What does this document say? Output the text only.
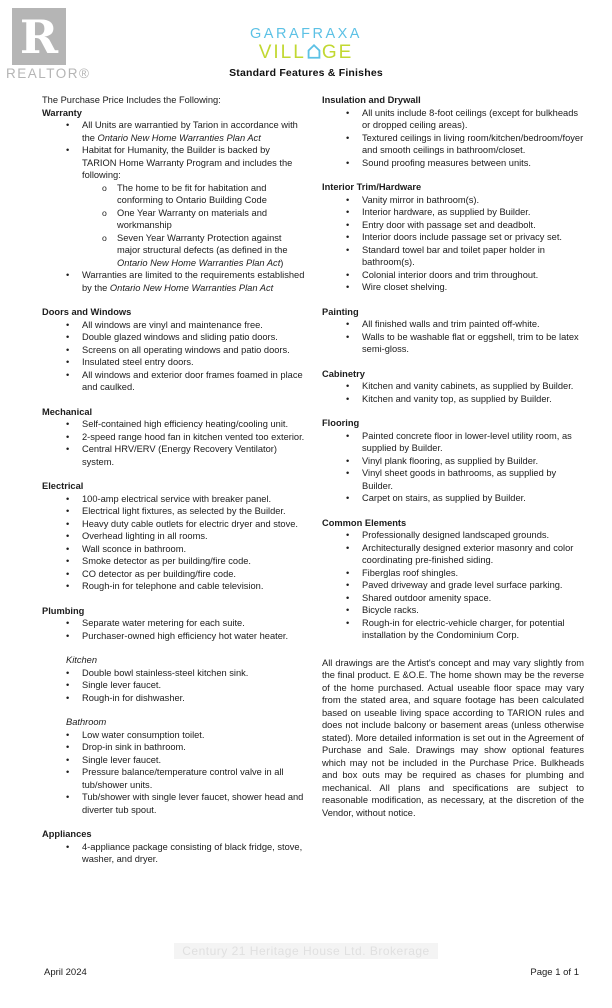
R
REALTOR®
GARAFRAXA
VILL GE
Standard Features & Finishes
The Purchase Price Includes the Following:
Warranty
•	All Units are warrantied by Tarion in accordance with the Ontario New Home Warranties Plan Act
•	Habitat for Humanity, the Builder is backed by TARION Home Warranty Program and includes the following:
o	The home to be fit for habitation and conforming to Ontario Building Code
o	One Year Warranty on materials and workmanship
o	Seven Year Warranty Protection against major structural defects (as defined in the Ontario New Home Warranties Plan Act)
•	Warranties are limited to the requirements established by the Ontario New Home Warranties Plan Act
Doors and Windows
•	All windows are vinyl and maintenance free.
•	Double glazed windows and sliding patio doors.
•	Screens on all operating windows and patio doors.
•	Insulated steel entry doors.
•	All windows and exterior door frames foamed in place and caulked.
Mechanical
•	Self-contained high efficiency heating/cooling unit.
•	2-speed range hood fan in kitchen vented too exterior.
•	Central HRV/ERV (Energy Recovery Ventilator) system.
Electrical
•	100-amp electrical service with breaker panel.
•	Electrical light fixtures, as selected by the Builder.
•	Heavy duty cable outlets for electric dryer and stove.
•	Overhead lighting in all rooms.
•	Wall sconce in bathroom.
•	Smoke detector as per building/fire code.
•	CO detector as per building/fire code.
•	Rough-in for telephone and cable television.
Plumbing
•	Separate water metering for each suite.
•	Purchaser-owned high efficiency hot water heater.
Kitchen
•	Double bowl stainless-steel kitchen sink.
•	Single lever faucet.
•	Rough-in for dishwasher.
Bathroom
•	Low water consumption toilet.
•	Drop-in sink in bathroom.
•	Single lever faucet.
•	Pressure balance/temperature control valve in all tub/shower units.
•	Tub/shower with single lever faucet, shower head and diverter tub spout.
Appliances
•	4-appliance package consisting of black fridge, stove, washer, and dryer.
Insulation and Drywall
•	All units include 8-foot ceilings (except for bulkheads or dropped ceiling areas).
•	Textured ceilings in living room/kitchen/bedroom/foyer and smooth ceilings in bathroom/closet.
•	Sound proofing measures between units.
Interior Trim/Hardware
•	Vanity mirror in bathroom(s).
•	Interior hardware, as supplied by Builder.
•	Entry door with passage set and deadbolt.
•	Interior doors include passage set or privacy set.
•	Standard towel bar and toilet paper holder in bathroom(s).
•	Colonial interior doors and trim throughout.
•	Wire closet shelving.
Painting
•	All finished walls and trim painted off-white.
•	Walls to be washable flat or eggshell, trim to be latex semi-gloss.
Cabinetry
•	Kitchen and vanity cabinets, as supplied by Builder.
•	Kitchen and vanity top, as supplied by Builder.
Flooring
•	Painted concrete floor in lower-level utility room, as supplied by Builder.
•	Vinyl plank flooring, as supplied by Builder.
•	Vinyl sheet goods in bathrooms, as supplied by Builder.
•	Carpet on stairs, as supplied by Builder.
Common Elements
•	Professionally designed landscaped grounds.
•	Architecturally designed exterior masonry and color coordinating pre-finished siding.
•	Fiberglas roof shingles.
•	Paved driveway and grade level surface parking.
•	Shared outdoor amenity space.
•	Bicycle racks.
•	Rough-in for electric-vehicle charger, for potential installation by the Condominium Corp.
All drawings are the Artist's concept and may vary slightly from the final product. E &O.E. The home shown may be the reverse of the home purchased. Actual useable floor space may vary from the stated area, and square footage has been calculated based on useable living space according to TARION rules and does not include balcony or basement areas (unless otherwise stated). More detailed information is set out in the Agreement of Purchase and Sale. Drawings may show optional features which may not be included in the Purchase Price. Bulkheads and box outs may be required as chases for plumbing and mechanical. All plans and specifications are subject to reasonable modification, as necessary, at the discretion of the Vendor, without notice.
Century 21 Heritage House Ltd. Brokerage
April 2024	Page 1 of 1
